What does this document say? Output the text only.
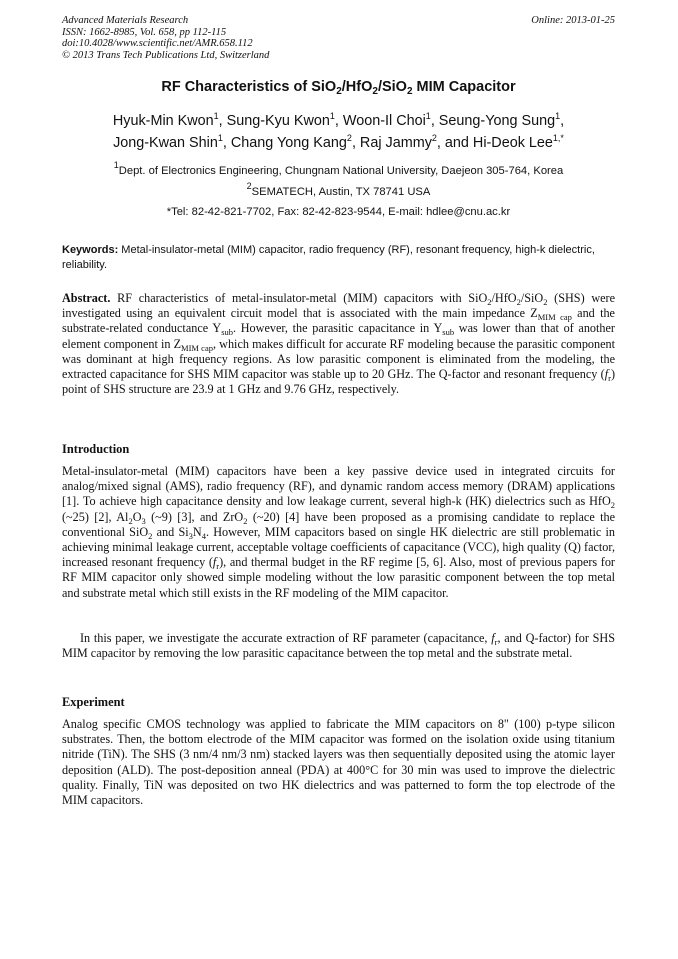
Advanced Materials Research
ISSN: 1662-8985, Vol. 658, pp 112-115
doi:10.4028/www.scientific.net/AMR.658.112
© 2013 Trans Tech Publications Ltd, Switzerland
Online: 2013-01-25
RF Characteristics of SiO$_2$/HfO$_2$/SiO$_2$ MIM Capacitor
Hyuk-Min Kwon$^1$, Sung-Kyu Kwon$^1$, Woon-Il Choi$^1$, Seung-Yong Sung$^1$,
Jong-Kwan Shin$^1$, Chang Yong Kang$^2$, Raj Jammy$^2$, and Hi-Deok Lee$^{1,*}$
$^1$Dept. of Electronics Engineering, Chungnam National University, Daejeon 305-764, Korea
$^2$SEMATECH, Austin, TX 78741 USA
*Tel: 82-42-821-7702, Fax: 82-42-823-9544, E-mail: hdlee@cnu.ac.kr
Keywords: Metal-insulator-metal (MIM) capacitor, radio frequency (RF), resonant frequency, high-k dielectric, reliability.
Abstract. RF characteristics of metal-insulator-metal (MIM) capacitors with SiO$_2$/HfO$_2$/SiO$_2$ (SHS) were investigated using an equivalent circuit model that is associated with the main impedance $Z_{MIM cap}$ and the substrate-related conductance $Y_{sub}$. However, the parasitic capacitance in $Y_{sub}$ was lower than that of another element component in $Z_{MIM cap}$, which makes difficult for accurate RF modeling because the parasitic component was dominant at high frequency regions. As low parasitic component is eliminated from the modeling, the extracted capacitance for SHS MIM capacitor was stable up to 20 GHz. The Q-factor and resonant frequency $(f_r)$ point of SHS structure are 23.9 at 1 GHz and 9.76 GHz, respectively.
Introduction
Metal-insulator-metal (MIM) capacitors have been a key passive device used in integrated circuits for analog/mixed signal (AMS), radio frequency (RF), and dynamic random access memory (DRAM) applications [1]. To achieve high capacitance density and low leakage current, several high-k (HK) dielectrics such as HfO$_2$ (~25) [2], $Al_2O_3$ (~9) [3], and ZrO$_2$ (~20) [4] have been proposed as a promising candidate to replace the conventional SiO$_2$ and $Si_3N_4$. However, MIM capacitors based on single HK dielectric are still problematic in achieving minimal leakage current, acceptable voltage coefficients of capacitance (VCC), high quality (Q) factor, increased resonant frequency $(f_r)$, and thermal budget in the RF regime [5, 6]. Also, most of previous papers for RF MIM capacitor only showed simple modeling without the low parasitic component between the top metal and substrate metal which still exists in the RF modeling of the MIM capacitor.
In this paper, we investigate the accurate extraction of RF parameter (capacitance, $f_r$, and Q-factor) for SHS MIM capacitor by removing the low parasitic capacitance between the top metal and the substrate metal.
Experiment
Analog specific CMOS technology was applied to fabricate the MIM capacitors on 8" (100) p-type silicon substrates. Then, the bottom electrode of the MIM capacitor was formed on the isolation oxide using titanium nitride (TiN). The SHS (3 nm/4 nm/3 nm) stacked layers was then sequentially deposited using the atomic layer deposition (ALD). The post-deposition anneal (PDA) at 400°C for 30 min was used to improve the dielectric quality. Finally, TiN was deposited on two HK dielectrics and was patterned to form the top electrode of the MIM capacitors.
